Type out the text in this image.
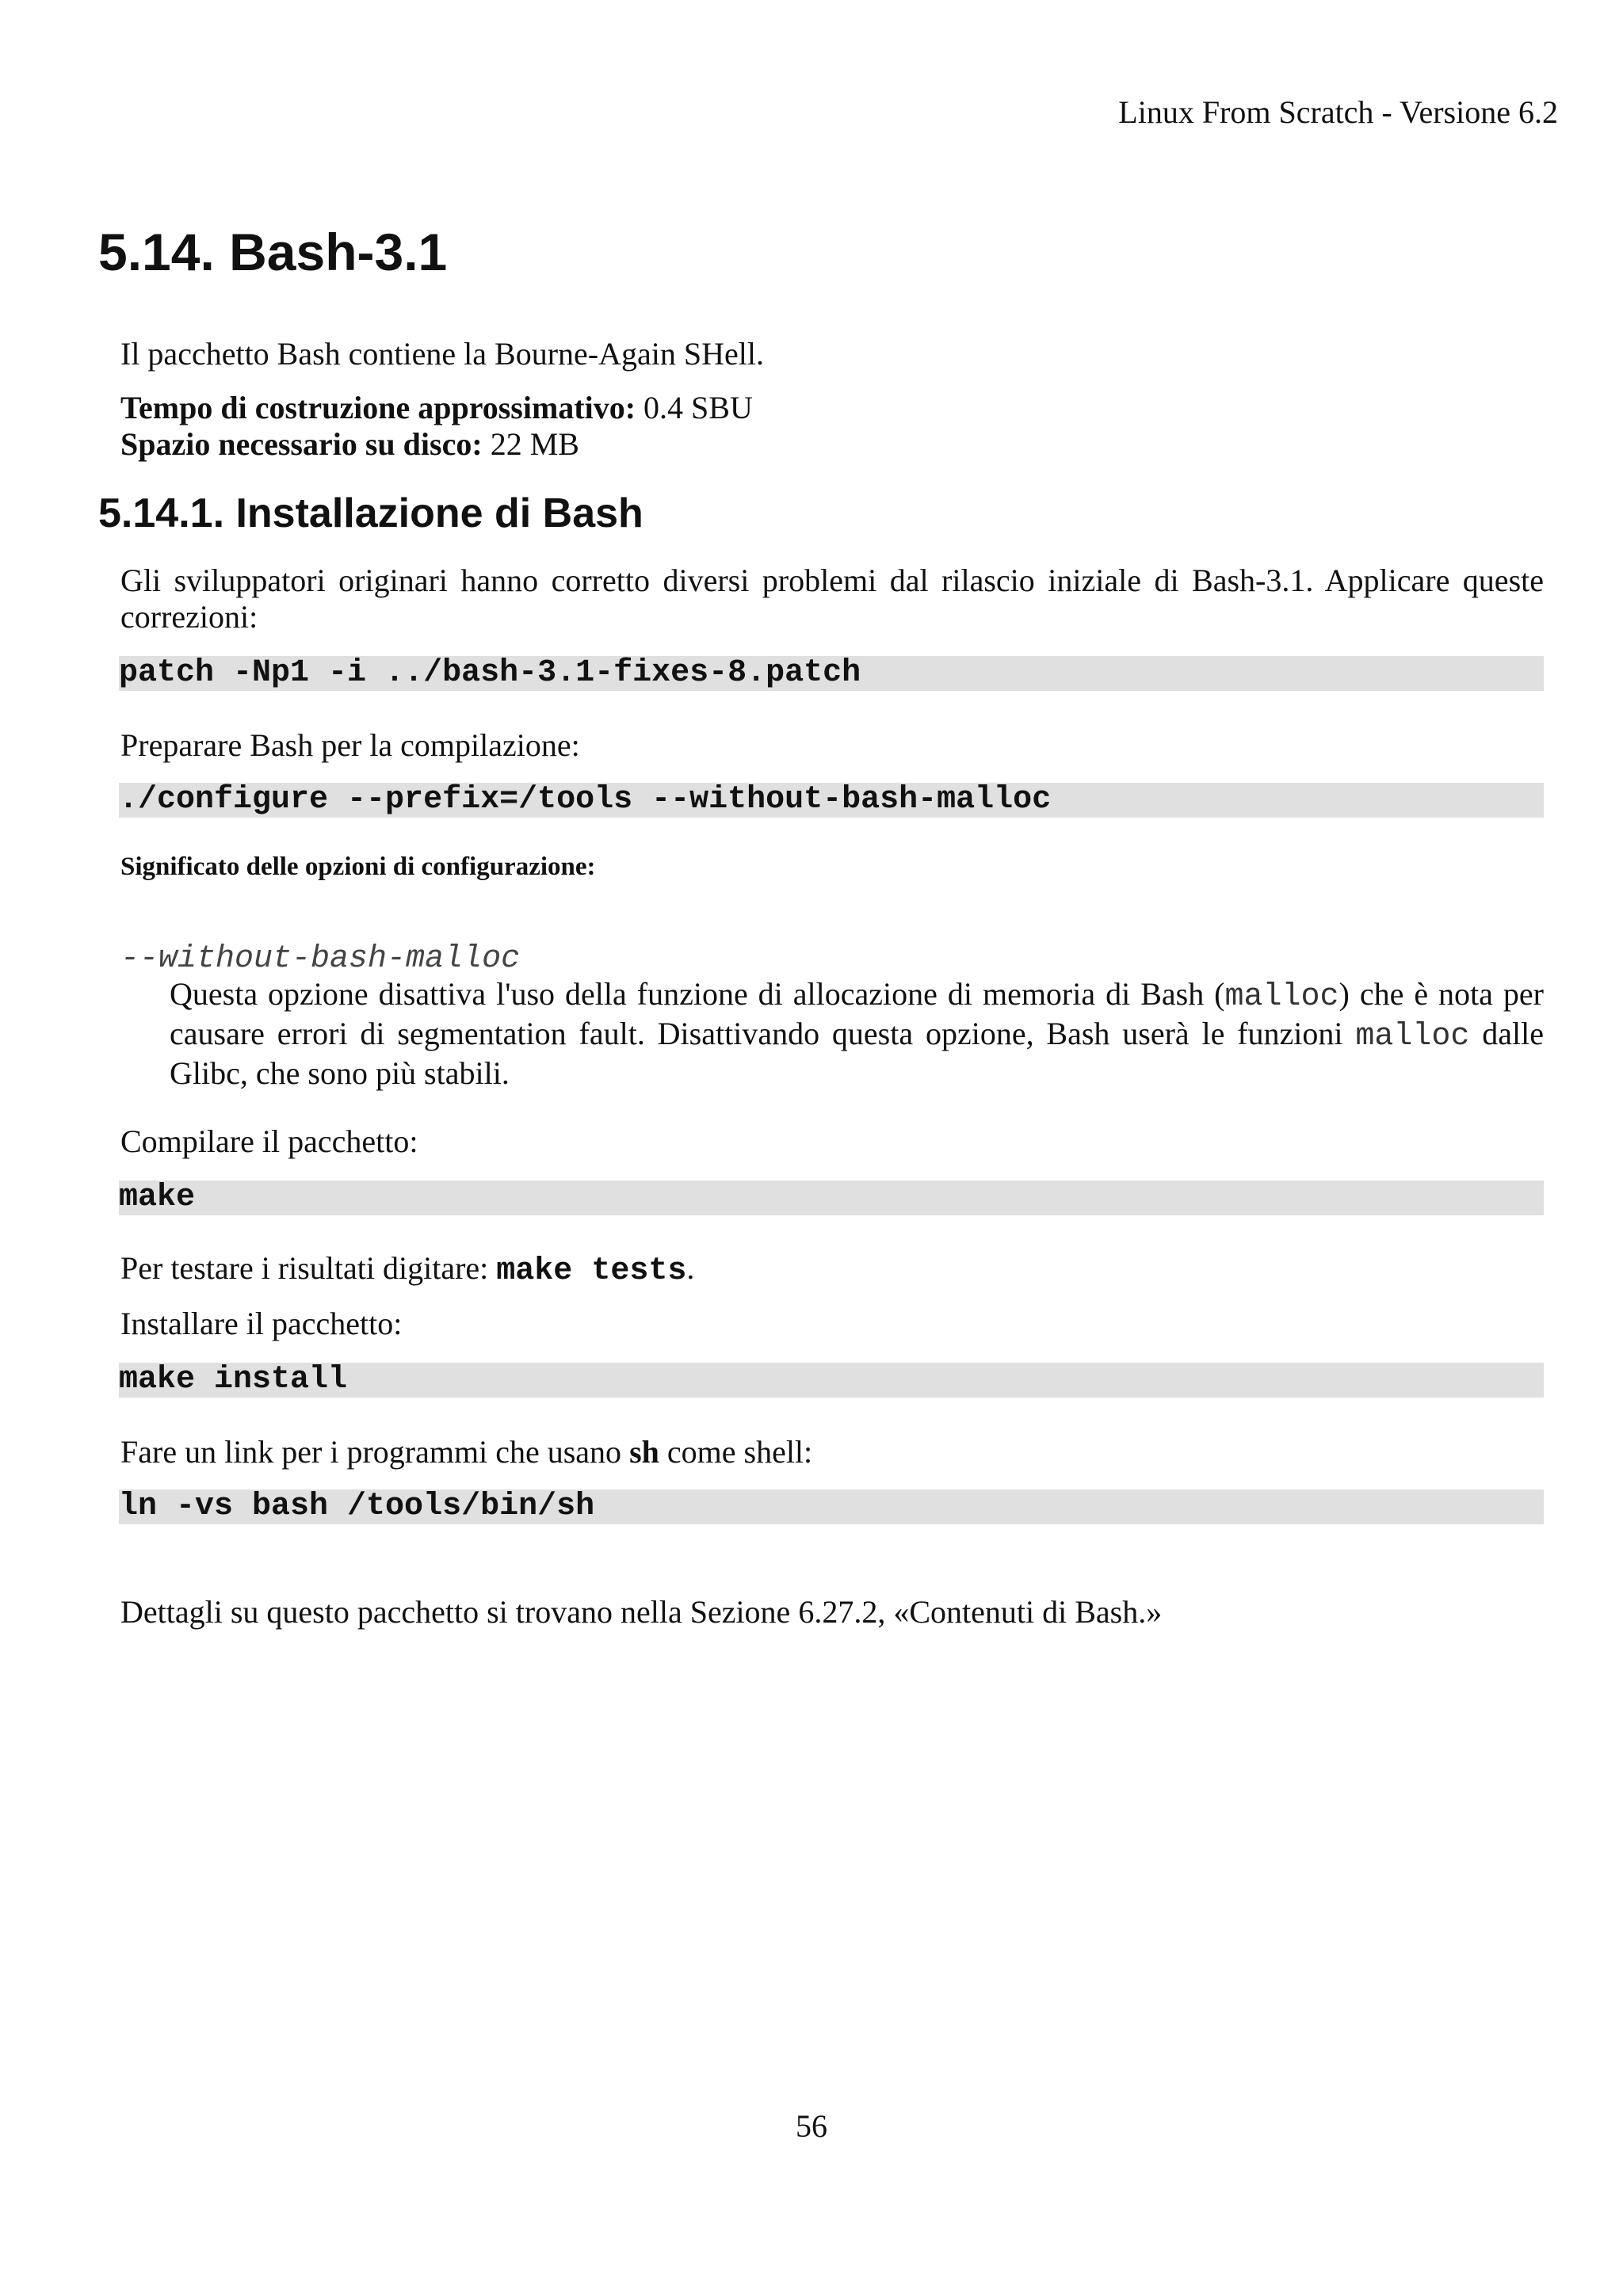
Linux From Scratch - Versione 6.2
5.14. Bash-3.1
Il pacchetto Bash contiene la Bourne-Again SHell.
Tempo di costruzione approssimativo: 0.4 SBU
Spazio necessario su disco: 22 MB
5.14.1. Installazione di Bash
Gli sviluppatori originari hanno corretto diversi problemi dal rilascio iniziale di Bash-3.1. Applicare queste correzioni:
patch -Np1 -i ../bash-3.1-fixes-8.patch
Preparare Bash per la compilazione:
./configure --prefix=/tools --without-bash-malloc
Significato delle opzioni di configurazione:
--without-bash-malloc
Questa opzione disattiva l'uso della funzione di allocazione di memoria di Bash (malloc) che è nota per causare errori di segmentation fault. Disattivando questa opzione, Bash userà le funzioni malloc dalle Glibc, che sono più stabili.
Compilare il pacchetto:
make
Per testare i risultati digitare: make tests.
Installare il pacchetto:
make install
Fare un link per i programmi che usano sh come shell:
ln -vs bash /tools/bin/sh
Dettagli su questo pacchetto si trovano nella Sezione 6.27.2, «Contenuti di Bash.»
56
